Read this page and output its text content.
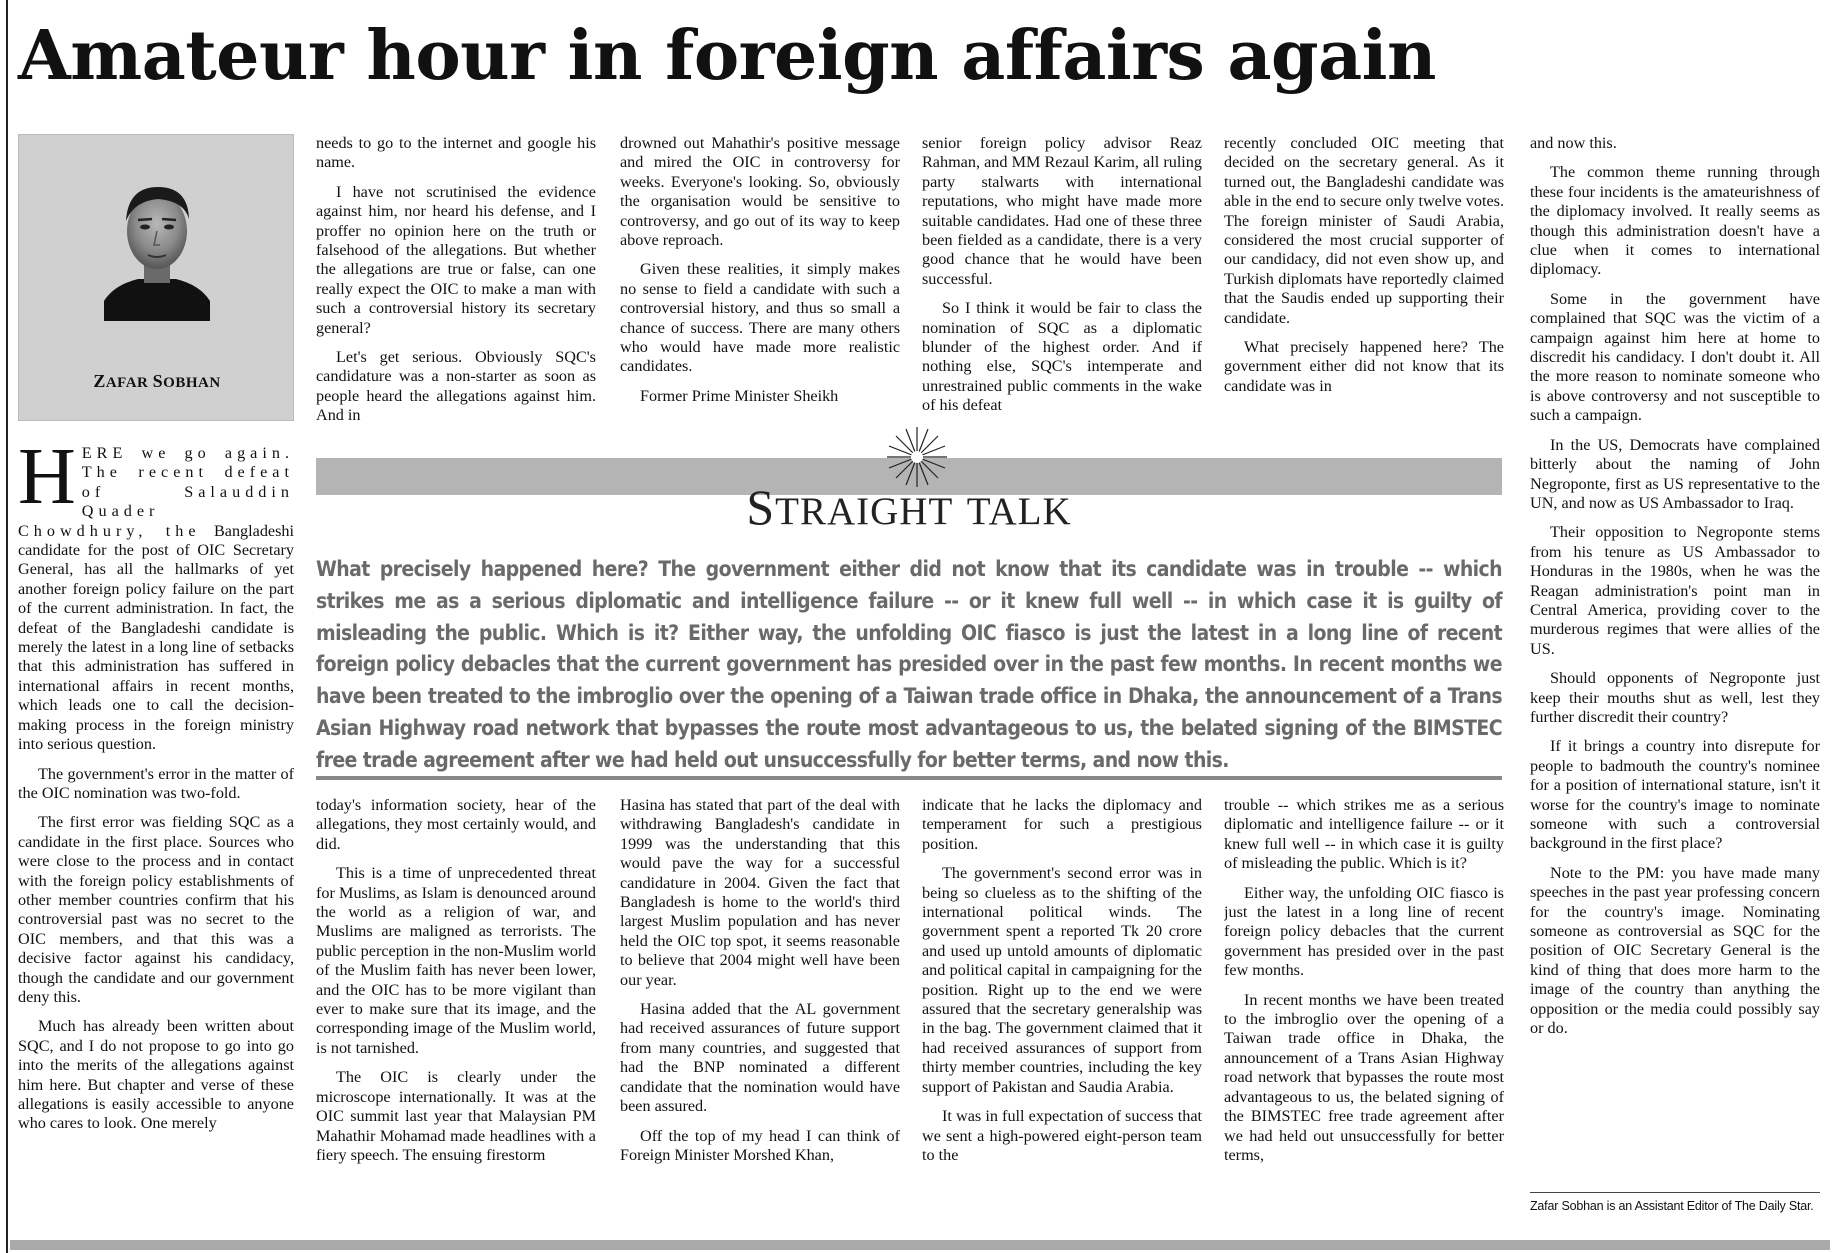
Amateur hour in foreign affairs again
ZAFAR SOBHAN

HERE we go again. The recent defeat of Salauddin Quader Chowdhury, the Bangladeshi candidate for the post of OIC Secretary General, has all the hallmarks of yet another foreign policy failure on the part of the current administration. In fact, the defeat of the Bangladeshi candidate is merely the latest in a long line of setbacks that this administration has suffered in international affairs in recent months, which leads one to call the decision-making process in the foreign ministry into serious question.

The government's error in the matter of the OIC nomination was two-fold.

The first error was fielding SQC as a candidate in the first place. Sources who were close to the process and in contact with the foreign policy establishments of other member countries confirm that his controversial past was no secret to the OIC members, and that this was a decisive factor against his candidacy, though the candidate and our government deny this.

Much has already been written about SQC, and I do not propose to go into go into the merits of the allegations against him here. But chapter and verse of these allegations is easily accessible to anyone who cares to look. One merely

needs to go to the internet and google his name.

I have not scrutinised the evidence against him, nor heard his defense, and I proffer no opinion here on the truth or falsehood of the allegations. But whether the allegations are true or false, can one really expect the OIC to make a man with such a controversial history its secretary general?

Let's get serious. Obviously SQC's candidature was a non-starter as soon as people heard the allegations against him. And in

drowned out Mahathir's positive message and mired the OIC in controversy for weeks. Everyone's looking. So, obviously the organisation would be sensitive to controversy, and go out of its way to keep above reproach.

Given these realities, it simply makes no sense to field a candidate with such a controversial history, and thus so small a chance of success. There are many others who would have made more realistic candidates.

Former Prime Minister Sheikh

senior foreign policy advisor Reaz Rahman, and MM Rezaul Karim, all ruling party stalwarts with international reputations, who might have made more suitable candidates. Had one of these three been fielded as a candidate, there is a very good chance that he would have been successful.

So I think it would be fair to class the nomination of SQC as a diplomatic blunder of the highest order. And if nothing else, SQC's intemperate and unrestrained public comments in the wake of his defeat

recently concluded OIC meeting that decided on the secretary general. As it turned out, the Bangladeshi candidate was able in the end to secure only twelve votes. The foreign minister of Saudi Arabia, considered the most crucial supporter of our candidacy, did not even show up, and Turkish diplomats have reportedly claimed that the Saudis ended up supporting their candidate.

What precisely happened here? The government either did not know that its candidate was in

STRAIGHT TALK
What precisely happened here? The government either did not know that its candidate was in trouble -- which strikes me as a serious diplomatic and intelligence failure -- or it knew full well -- in which case it is guilty of misleading the public. Which is it? Either way, the unfolding OIC fiasco is just the latest in a long line of recent foreign policy debacles that the current government has presided over in the past few months. In recent months we have been treated to the imbroglio over the opening of a Taiwan trade office in Dhaka, the announcement of a Trans Asian Highway road network that bypasses the route most advantageous to us, the belated signing of the BIMSTEC free trade agreement after we had held out unsuccessfully for better terms, and now this.

today's information society, hear of the allegations, they most certainly would, and did.

This is a time of unprecedented threat for Muslims, as Islam is denounced around the world as a religion of war, and Muslims are maligned as terrorists. The public perception in the non-Muslim world of the Muslim faith has never been lower, and the OIC has to be more vigilant than ever to make sure that its image, and the corresponding image of the Muslim world, is not tarnished.

The OIC is clearly under the microscope internationally. It was at the OIC summit last year that Malaysian PM Mahathir Mohamad made headlines with a fiery speech. The ensuing firestorm

Hasina has stated that part of the deal with withdrawing Bangladesh's candidate in 1999 was the understanding that this would pave the way for a successful candidature in 2004. Given the fact that Bangladesh is home to the world's third largest Muslim population and has never held the OIC top spot, it seems reasonable to believe that 2004 might well have been our year.

Hasina added that the AL government had received assurances of future support from many countries, and suggested that had the BNP nominated a different candidate that the nomination would have been assured.

Off the top of my head I can think of Foreign Minister Morshed Khan,

indicate that he lacks the diplomacy and temperament for such a prestigious position.

The government's second error was in being so clueless as to the shifting of the international political winds. The government spent a reported Tk 20 crore and used up untold amounts of diplomatic and political capital in campaigning for the position. Right up to the end we were assured that the secretary generalship was in the bag. The government claimed that it had received assurances of support from thirty member countries, including the key support of Pakistan and Saudia Arabia.

It was in full expectation of success that we sent a high-powered eight-person team to the

trouble -- which strikes me as a serious diplomatic and intelligence failure -- or it knew full well -- in which case it is guilty of misleading the public. Which is it?

Either way, the unfolding OIC fiasco is just the latest in a long line of recent foreign policy debacles that the current government has presided over in the past few months.

In recent months we have been treated to the imbroglio over the opening of a Taiwan trade office in Dhaka, the announcement of a Trans Asian Highway road network that bypasses the route most advantageous to us, the belated signing of the BIMSTEC free trade agreement after we had held out unsuccessfully for better terms,

and now this.

The common theme running through these four incidents is the amateurishness of the diplomacy involved. It really seems as though this administration doesn't have a clue when it comes to international diplomacy.

Some in the government have complained that SQC was the victim of a campaign against him here at home to discredit his candidacy. I don't doubt it. All the more reason to nominate someone who is above controversy and not susceptible to such a campaign.

In the US, Democrats have complained bitterly about the naming of John Negroponte, first as US representative to the UN, and now as US Ambassador to Iraq.

Their opposition to Negroponte stems from his tenure as US Ambassador to Honduras in the 1980s, when he was the Reagan administration's point man in Central America, providing cover to the murderous regimes that were allies of the US.

Should opponents of Negroponte just keep their mouths shut as well, lest they further discredit their country?

If it brings a country into disrepute for people to badmouth the country's nominee for a position of international stature, isn't it worse for the country's image to nominate someone with such a controversial background in the first place?

Note to the PM: you have made many speeches in the past year professing concern for the country's image. Nominating someone as controversial as SQC for the position of OIC Secretary General is the kind of thing that does more harm to the image of the country than anything the opposition or the media could possibly say or do.

Zafar Sobhan is an Assistant Editor of The Daily Star.
